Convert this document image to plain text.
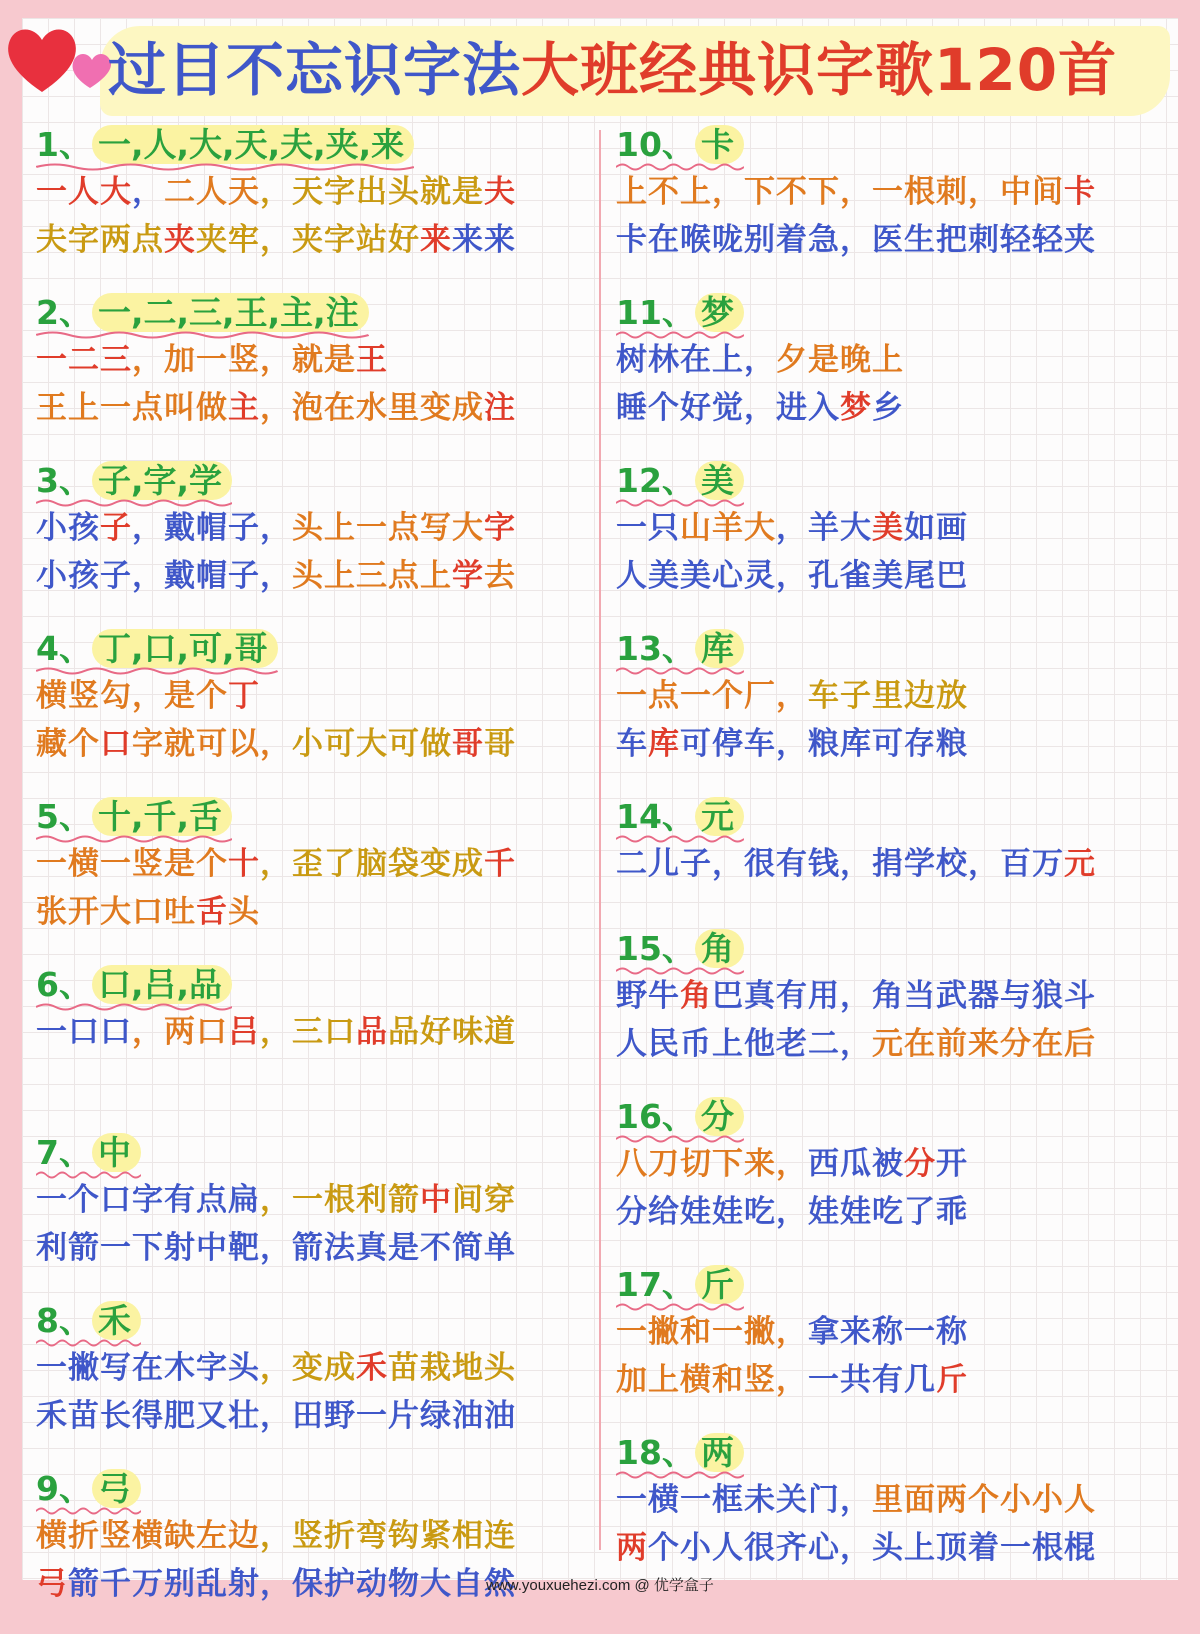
过目不忘识字法大班经典识字歌120首
1、 一,人,大,天,夫,夹,来
一人大，二人天，天字出头就是夫
夫字两点夹夹牢，夹字站好来来来
2、 一,二,三,王,主,注
一二三，加一竖，就是王
王上一点叫做主，泡在水里变成注
3、 子,字,学
小孩子，戴帽子，头上一点写大字
小孩子，戴帽子，头上三点上学去
4、 丁,口,可,哥
横竖勾，是个丁
藏个口字就可以，小可大可做哥哥
5、 十,千,舌
一横一竖是个十，歪了脑袋变成千
张开大口吐舌头
6、 口,吕,品
一口口，两口吕，三口品品好味道
7、 中
一个口字有点扁，一根利箭中间穿
利箭一下射中靶，箭法真是不简单
8、 禾
一撇写在木字头，变成禾苗栽地头
禾苗长得肥又壮，田野一片绿油油
9、 弓
横折竖横缺左边，竖折弯钩紧相连
弓箭千万别乱射，保护动物大自然
10、 卡
上不上，下不下，一根刺，中间卡
卡在喉咙别着急，医生把刺轻轻夹
11、 梦
树林在上，夕是晚上
睡个好觉，进入梦乡
12、 美
一只山羊大，羊大美如画
人美美心灵，孔雀美尾巴
13、 库
一点一个厂，车子里边放
车库可停车，粮库可存粮
14、 元
二儿子，很有钱，捐学校，百万元
15、 角
野牛角巴真有用，角当武器与狼斗
人民币上他老二，元在前来分在后
16、 分
八刀切下来，西瓜被分开
分给娃娃吃，娃娃吃了乖
17、 斤
一撇和一撇，拿来称一称
加上横和竖，一共有几斤
18、 两
一横一框未关门，里面两个小小人
两个小人很齐心，头上顶着一根棍
www.youxuehezi.com @ 优学盒子
